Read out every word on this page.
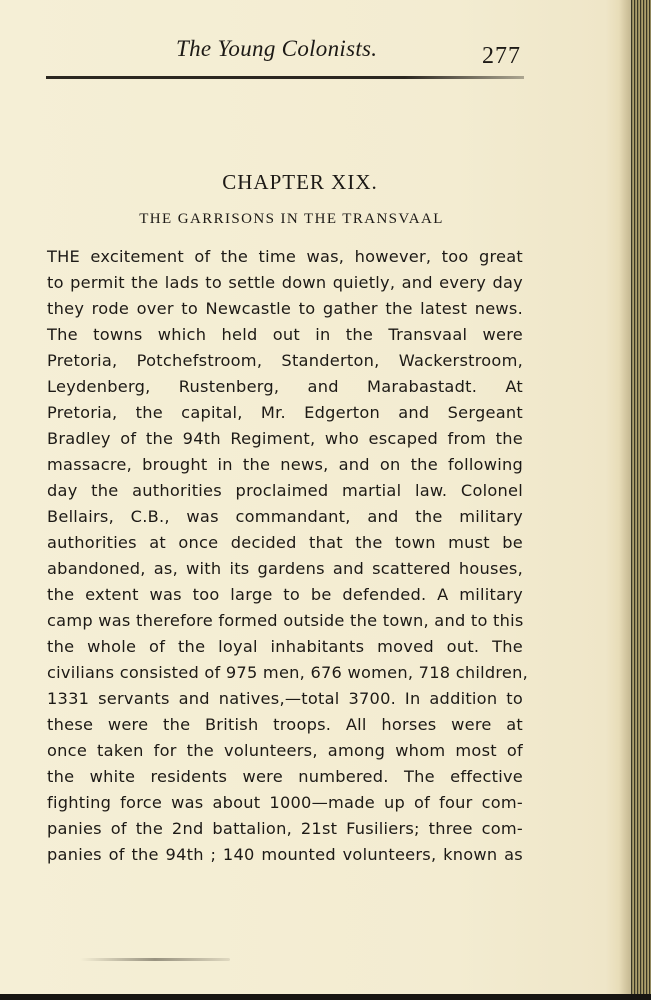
The Young Colonists.	277
CHAPTER XIX.
THE GARRISONS IN THE TRANSVAAL
THE excitement of the time was, however, too great
to permit the lads to settle down quietly, and every day
they rode over to Newcastle to gather the latest news.
The towns which held out in the Transvaal were
Pretoria, Potchefstroom, Standerton, Wackerstroom,
Leydenberg, Rustenberg, and Marabastadt. At
Pretoria, the capital, Mr. Edgerton and Sergeant
Bradley of the 94th Regiment, who escaped from the
massacre, brought in the news, and on the following
day the authorities proclaimed martial law. Colonel
Bellairs, C.B., was commandant, and the military
authorities at once decided that the town must be
abandoned, as, with its gardens and scattered houses,
the extent was too large to be defended. A military
camp was therefore formed outside the town, and to this
the whole of the loyal inhabitants moved out. The
civilians consisted of 975 men, 676 women, 718 children,
1331 servants and natives,—total 3700. In addition to
these were the British troops. All horses were at
once taken for the volunteers, among whom most of
the white residents were numbered. The effective
fighting force was about 1000—made up of four com-
panies of the 2nd battalion, 21st Fusiliers; three com-
panies of the 94th ; 140 mounted volunteers, known as
